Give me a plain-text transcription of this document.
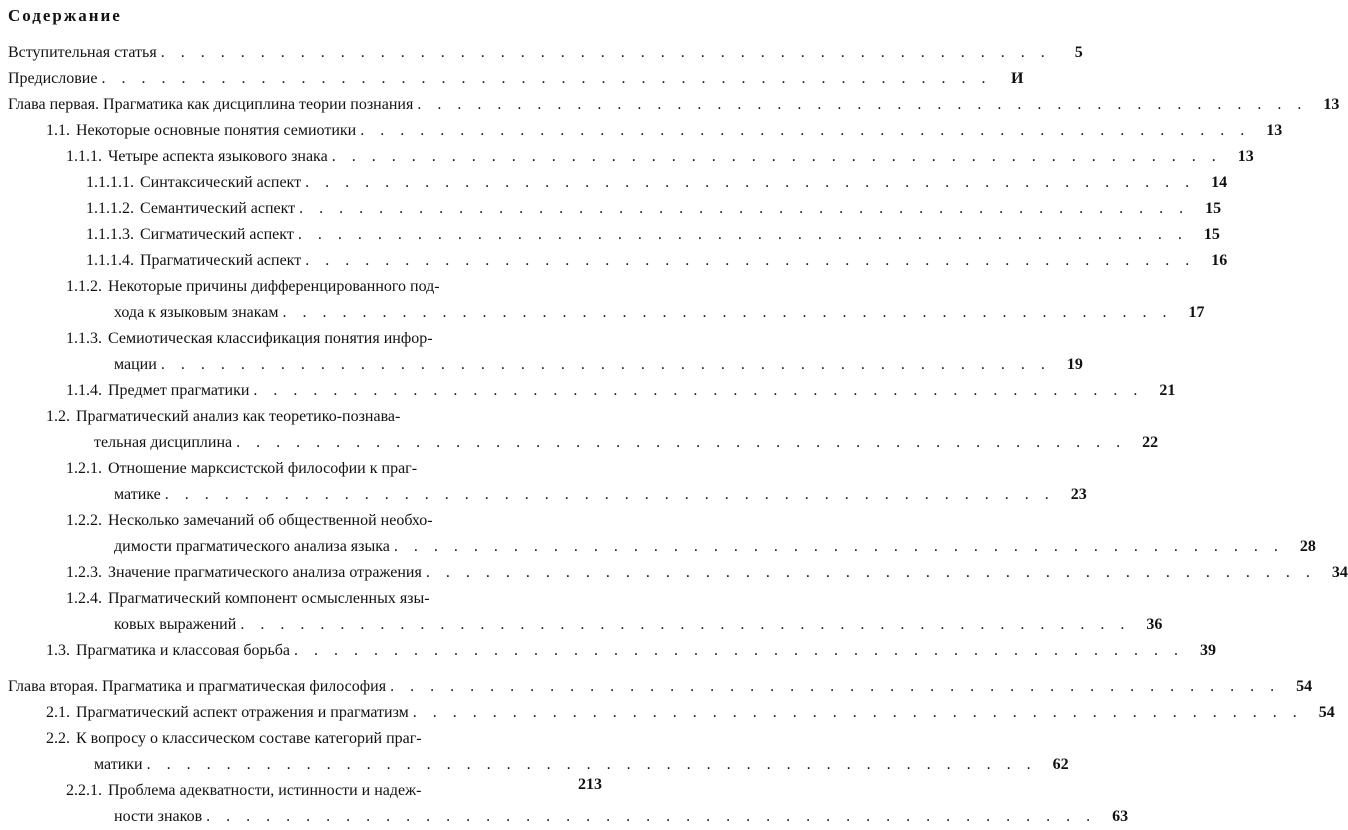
Содержание
Вступительная статья . . .	5
Предисловие . . .	И
Глава первая. Прагматика как дисциплина теории познания . . .	13
1.1. Некоторые основные понятия семиотики . . .	13
1.1.1. Четыре аспекта языкового знака . . .	13
1.1.1.1. Синтаксический аспект . . .	14
1.1.1.2. Семантический аспект . . .	15
1.1.1.3. Сигматический аспект . . .	15
1.1.1.4. Прагматический аспект . . .	16
1.1.2. Некоторые причины дифференцированного под-
хода к языковым знакам . . .	17
1.1.3. Семиотическая классификация понятия инфор-
мации . . .	19
1.1.4. Предмет прагматики . . .	21
1.2. Прагматический анализ как теоретико-познава-
тельная дисциплина . . .	22
1.2.1. Отношение марксистской философии к праг-
матике . . .	23
1.2.2. Несколько замечаний об общественной необхо-
димости прагматического анализа языка . . .	28
1.2.3. Значение прагматического анализа отражения . . .	34
1.2.4. Прагматический компонент осмысленных язы-
ковых выражений . . .	36
1.3. Прагматика и классовая борьба . . .	39
Глава вторая. Прагматика и прагматическая философия . . .	54
2.1. Прагматический аспект отражения и прагматизм . . .	54
2.2. К вопросу о классическом составе категорий праг-
матики . . .	62
2.2.1. Проблема адекватности, истинности и надеж-
ности знаков . . .	63
213
